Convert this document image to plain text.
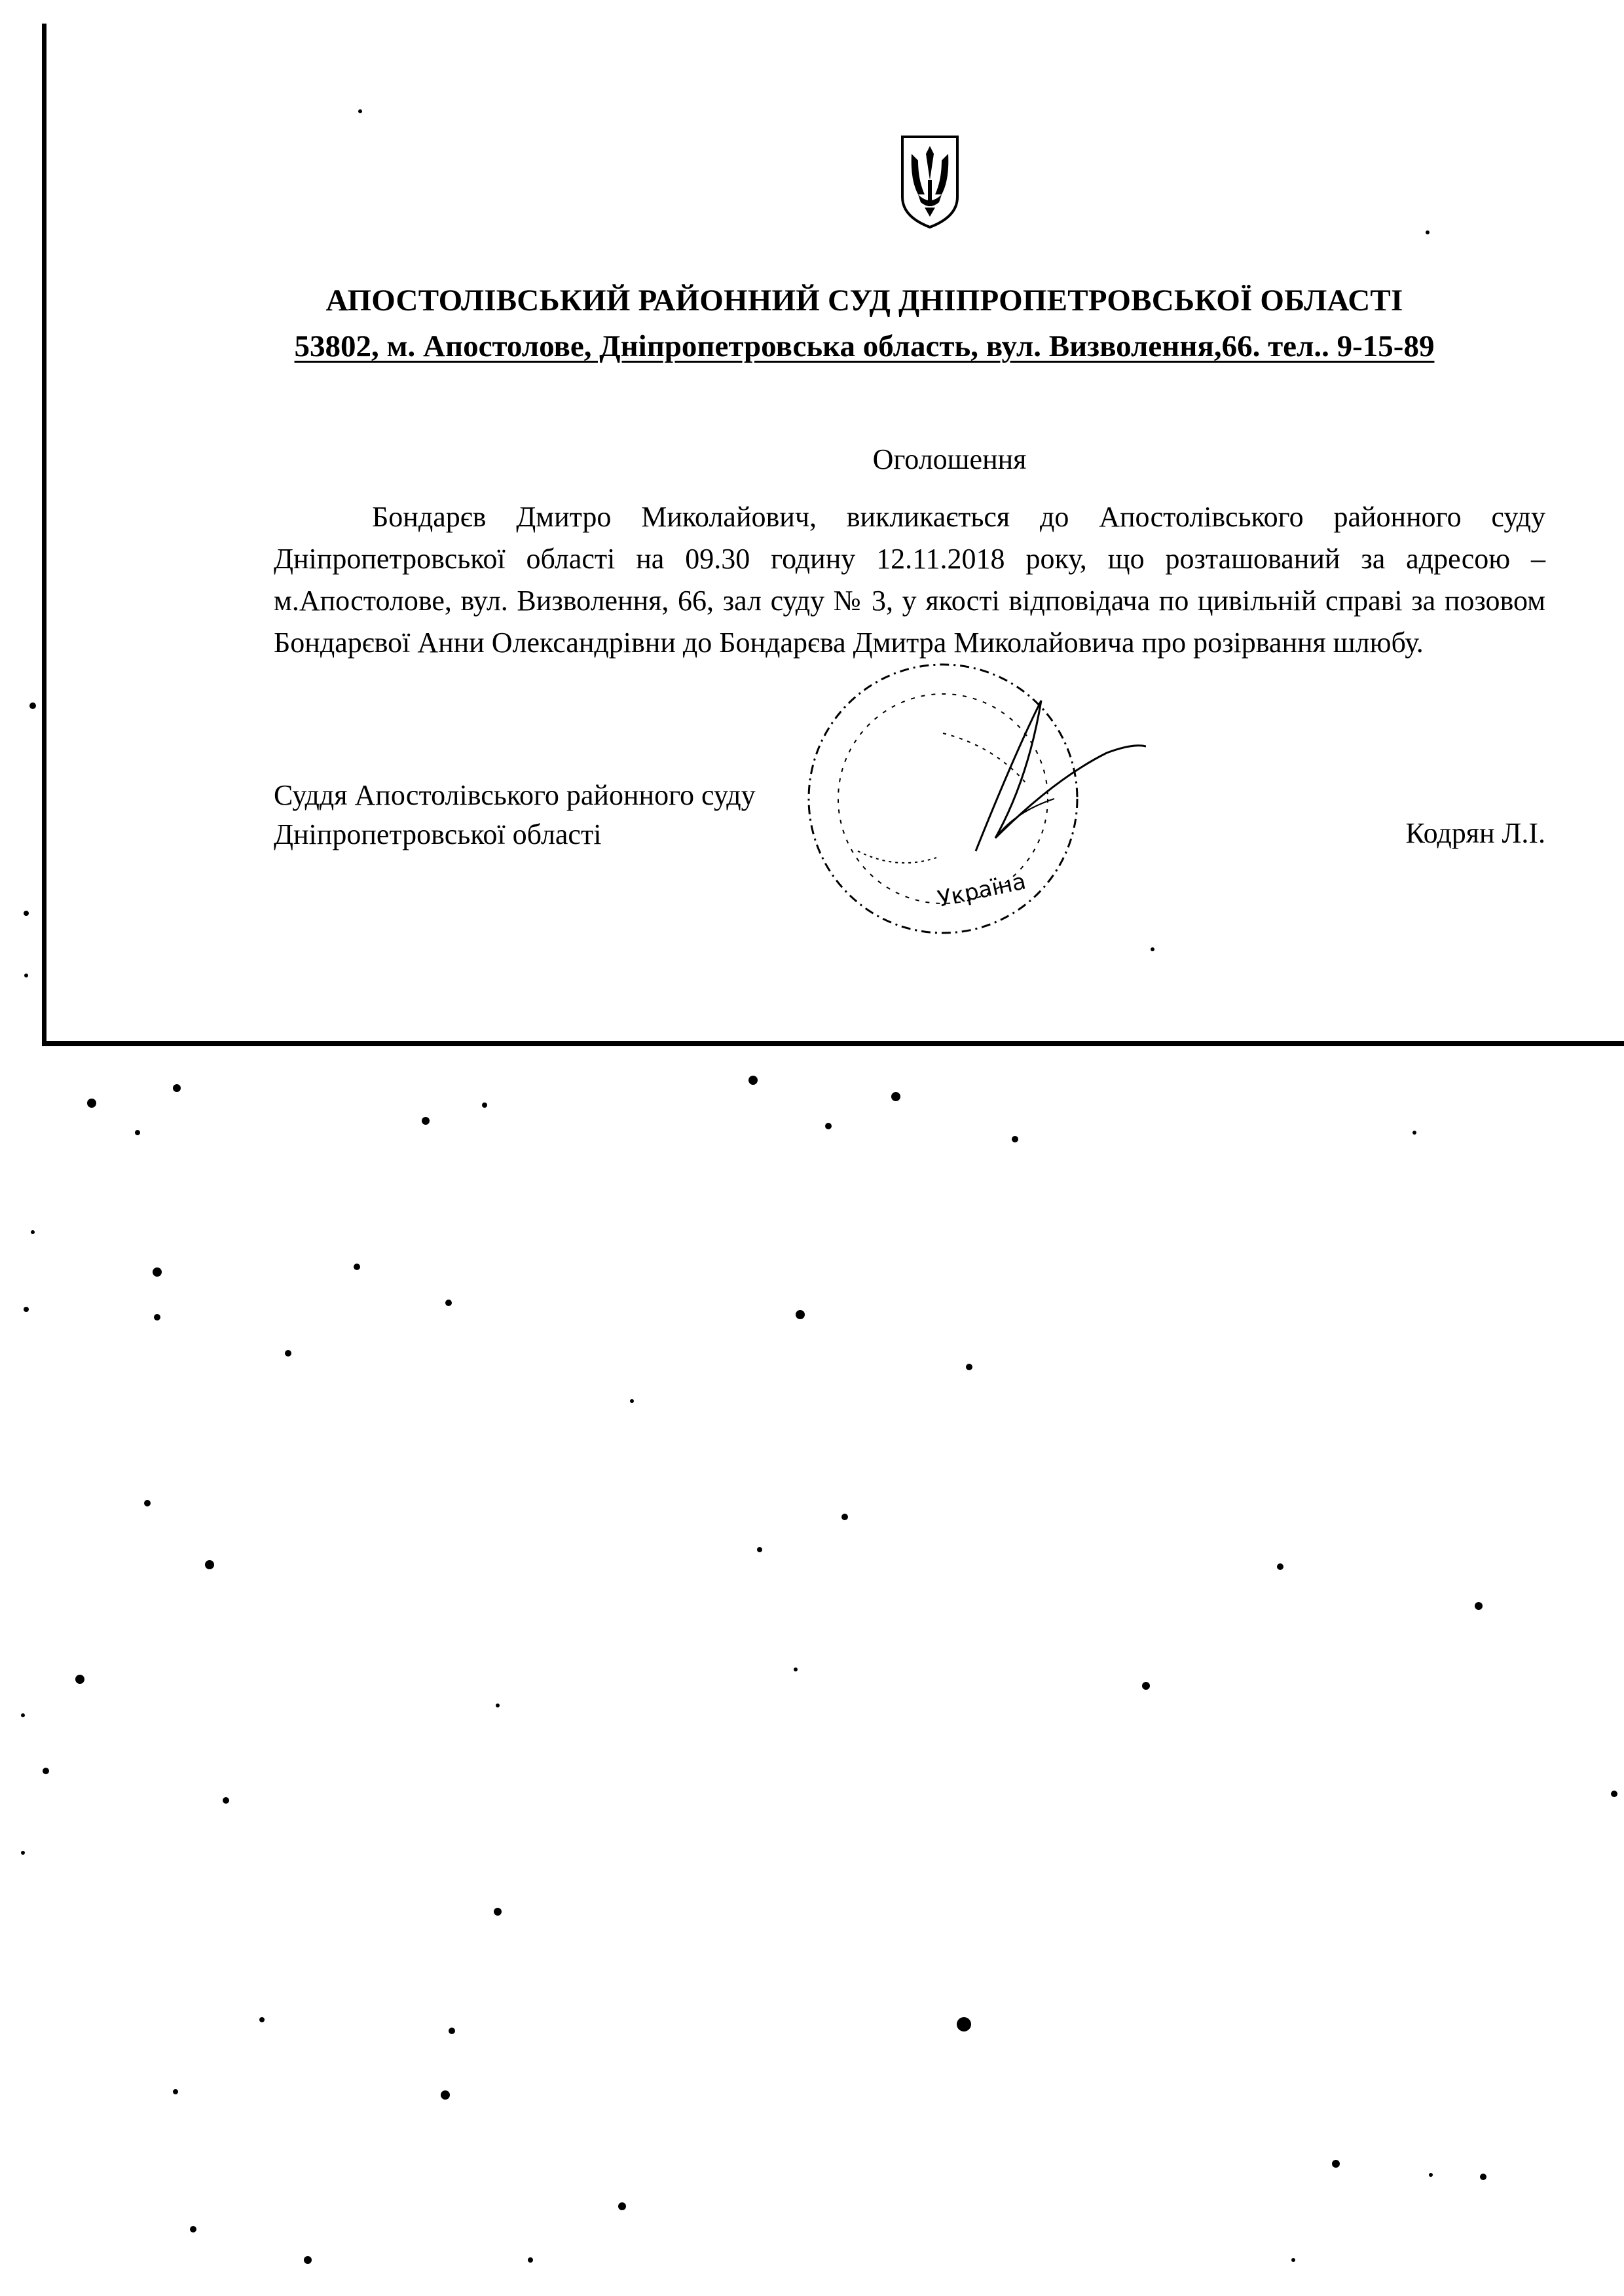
АПОСТОЛІВСЬКИЙ РАЙОННИЙ СУД ДНІПРОПЕТРОВСЬКОЇ ОБЛАСТІ
53802, м. Апостолове, Дніпропетровська область, вул. Визволення,66. тел.. 9-15-89
Оголошення
Бондарєв Дмитро Миколайович, викликається до Апостолівського районного суду Дніпропетровської області на 09.30 годину 12.11.2018 року, що розташований за адресою – м.Апостолове, вул. Визволення, 66, зал суду № 3, у якості відповідача по цивільній справі за позовом Бондарєвої Анни Олександрівни до Бондарєва Дмитра Миколайовича про розірвання шлюбу.
Суддя Апостолівського районного суду
Дніпропетровської області	Кодрян Л.І.
Україна
